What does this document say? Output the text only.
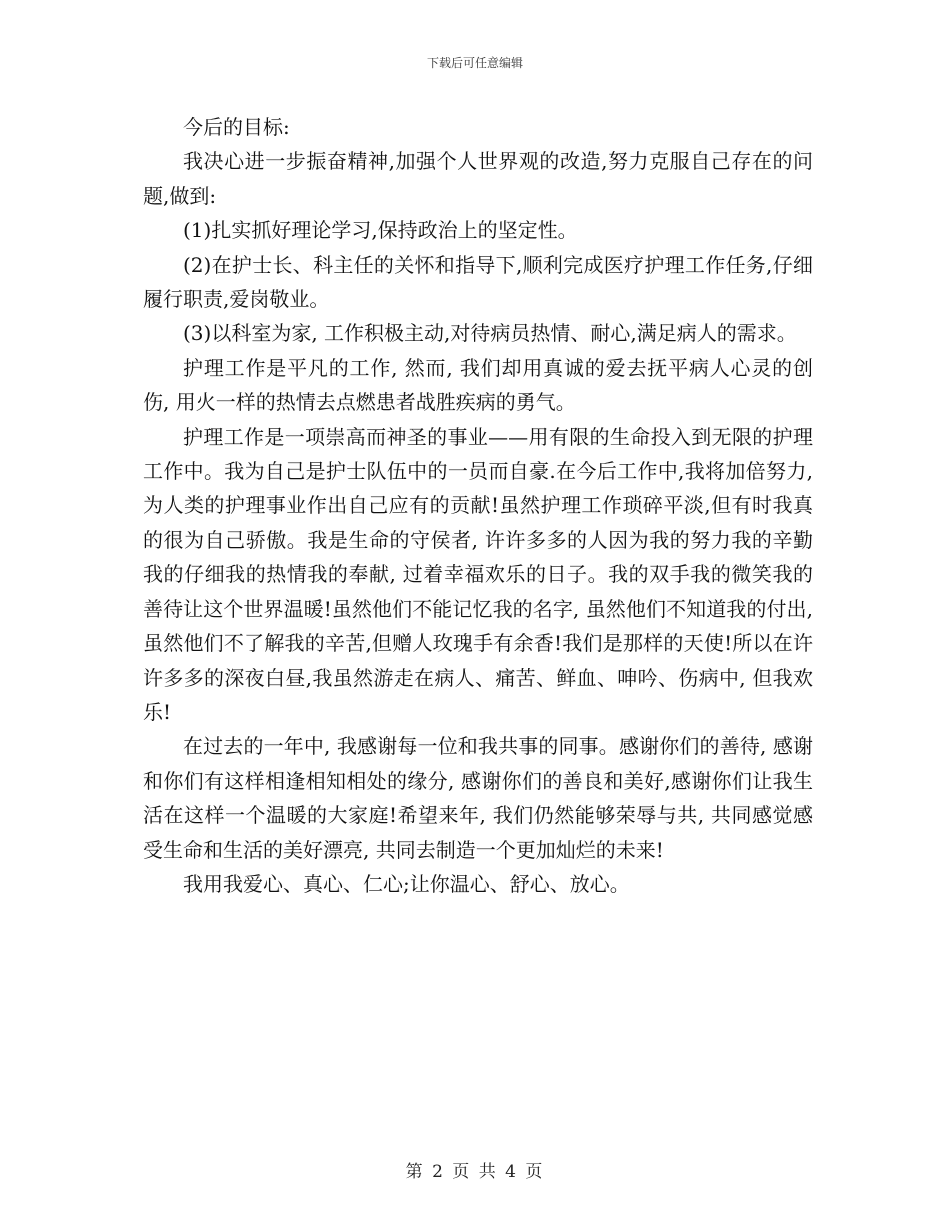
下载后可任意编辑

今后的目标:

我决心进一步振奋精神,加强个人世界观的改造,努力克服自己存在的问题,做到:

(1)扎实抓好理论学习,保持政治上的坚定性。

(2)在护士长、科主任的关怀和指导下,顺利完成医疗护理工作任务,仔细履行职责,爱岗敬业。

(3)以科室为家, 工作积极主动,对待病员热情、耐心,满足病人的需求。

护理工作是平凡的工作, 然而, 我们却用真诚的爱去抚平病人心灵的创伤, 用火一样的热情去点燃患者战胜疾病的勇气。

护理工作是一项崇高而神圣的事业——用有限的生命投入到无限的护理工作中。我为自己是护士队伍中的一员而自豪.在今后工作中,我将加倍努力, 为人类的护理事业作出自己应有的贡献!虽然护理工作琐碎平淡,但有时我真的很为自己骄傲。我是生命的守侯者, 许许多多的人因为我的努力我的辛勤我的仔细我的热情我的奉献, 过着幸福欢乐的日子。我的双手我的微笑我的善待让这个世界温暖!虽然他们不能记忆我的名字, 虽然他们不知道我的付出, 虽然他们不了解我的辛苦,但赠人玫瑰手有余香!我们是那样的天使!所以在许许多多的深夜白昼,我虽然游走在病人、痛苦、鲜血、呻吟、伤病中, 但我欢乐!

在过去的一年中, 我感谢每一位和我共事的同事。感谢你们的善待, 感谢和你们有这样相逢相知相处的缘分, 感谢你们的善良和美好,感谢你们让我生活在这样一个温暖的大家庭!希望来年, 我们仍然能够荣辱与共, 共同感觉感受生命和生活的美好漂亮, 共同去制造一个更加灿烂的未来!

我用我爱心、真心、仁心;让你温心、舒心、放心。

第 2 页 共 4 页
